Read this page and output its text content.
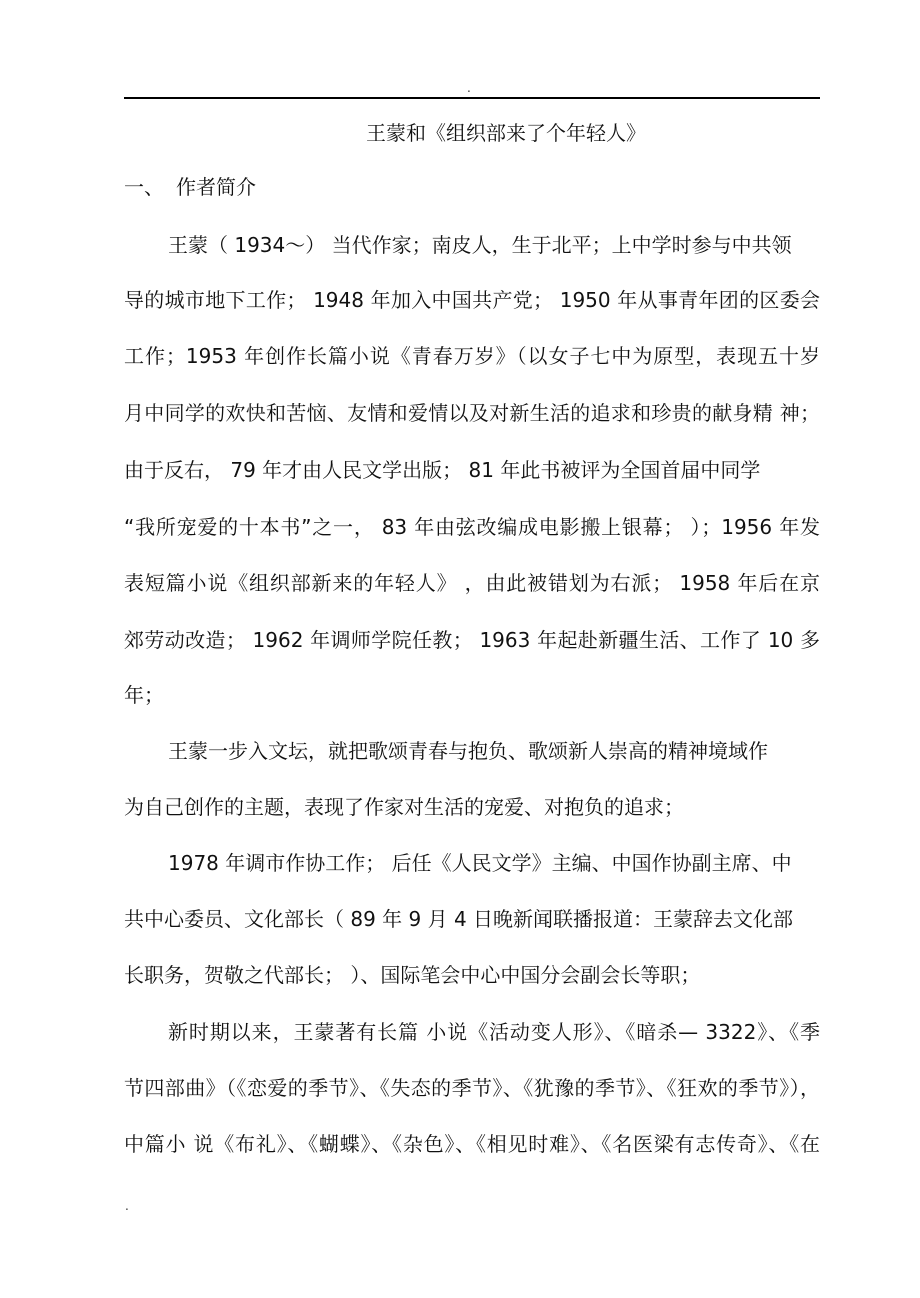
.
王蒙和《组织部来了个年轻人》
一、 作者简介
王蒙（ 1934～） 当代作家；南皮人，生于北平；上中学时参与中共领
导的城市地下工作； 1948 年加入中国共产党； 1950 年从事青年团的区委会
工作；1953 年创作长篇小说《青春万岁》（以女子七中为原型，表现五十岁
月中同学的欢快和苦恼、友情和爱情以及对新生活的追求和珍贵的献身精 神；
由于反右， 79 年才由人民文学出版； 81 年此书被评为全国首届中同学
“我所宠爱的十本书”之一， 83 年由弦改编成电影搬上银幕； ）；1956 年发
表短篇小说《组织部新来的年轻人》 ，由此被错划为右派； 1958 年后在京
郊劳动改造； 1962 年调师学院任教； 1963 年起赴新疆生活、工作了 10 多
年；
王蒙一步入文坛，就把歌颂青春与抱负、歌颂新人崇高的精神境域作
为自己创作的主题，表现了作家对生活的宠爱、对抱负的追求；
1978 年调市作协工作； 后任《人民文学》主编、中国作协副主席、中
共中心委员、文化部长（ 89 年 9 月 4 日晚新闻联播报道：王蒙辞去文化部
长职务，贺敬之代部长； ）、国际笔会中心中国分会副会长等职；
新时期以来，王蒙著有长篇 小说《活动变人形》、《暗杀— 3322》、《季
节四部曲》（《恋爱的季节》、《失态的季节》、《犹豫的季节》、《狂欢的季节》），
中篇小 说《布礼》、《蝴蝶》、《杂色》、《相见时难》、《名医梁有志传奇》、《在
.
